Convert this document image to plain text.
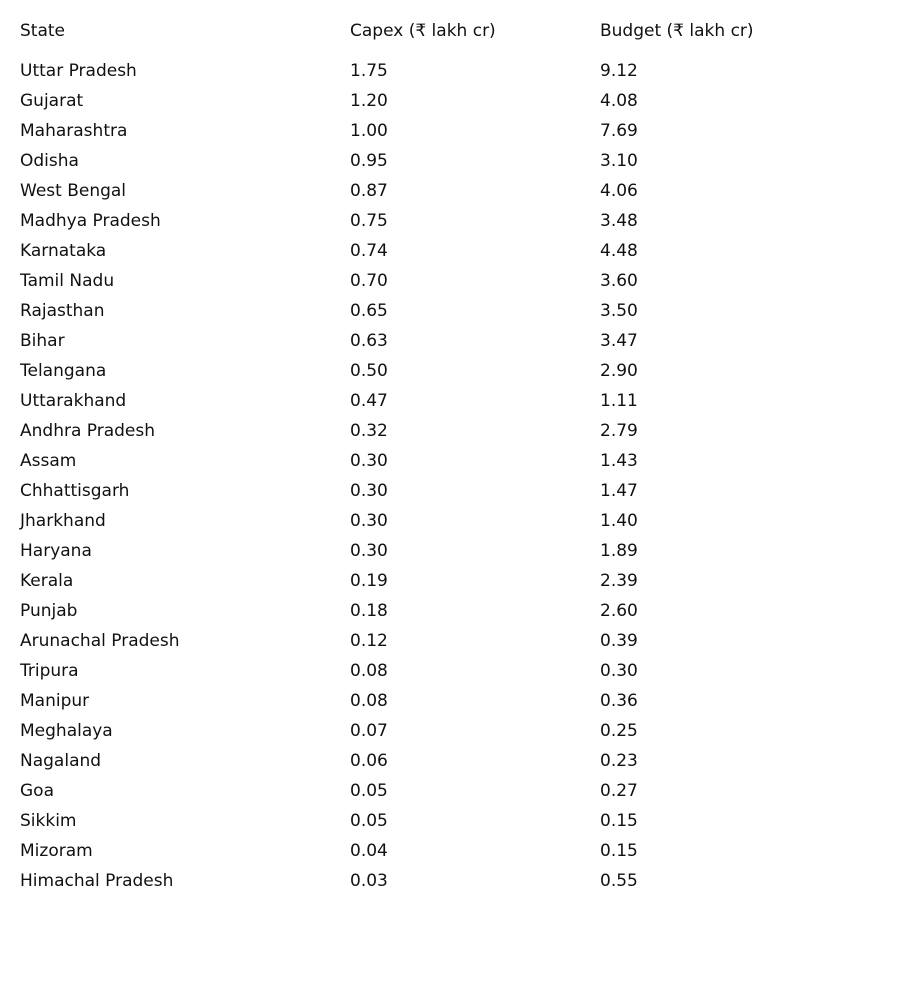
State	Capex (₹ lakh cr)	Budget (₹ lakh cr)
Uttar Pradesh	1.75	9.12
Gujarat	1.20	4.08
Maharashtra	1.00	7.69
Odisha	0.95	3.10
West Bengal	0.87	4.06
Madhya Pradesh	0.75	3.48
Karnataka	0.74	4.48
Tamil Nadu	0.70	3.60
Rajasthan	0.65	3.50
Bihar	0.63	3.47
Telangana	0.50	2.90
Uttarakhand	0.47	1.11
Andhra Pradesh	0.32	2.79
Assam	0.30	1.43
Chhattisgarh	0.30	1.47
Jharkhand	0.30	1.40
Haryana	0.30	1.89
Kerala	0.19	2.39
Punjab	0.18	2.60
Arunachal Pradesh	0.12	0.39
Tripura	0.08	0.30
Manipur	0.08	0.36
Meghalaya	0.07	0.25
Nagaland	0.06	0.23
Goa	0.05	0.27
Sikkim	0.05	0.15
Mizoram	0.04	0.15
Himachal Pradesh	0.03	0.55
